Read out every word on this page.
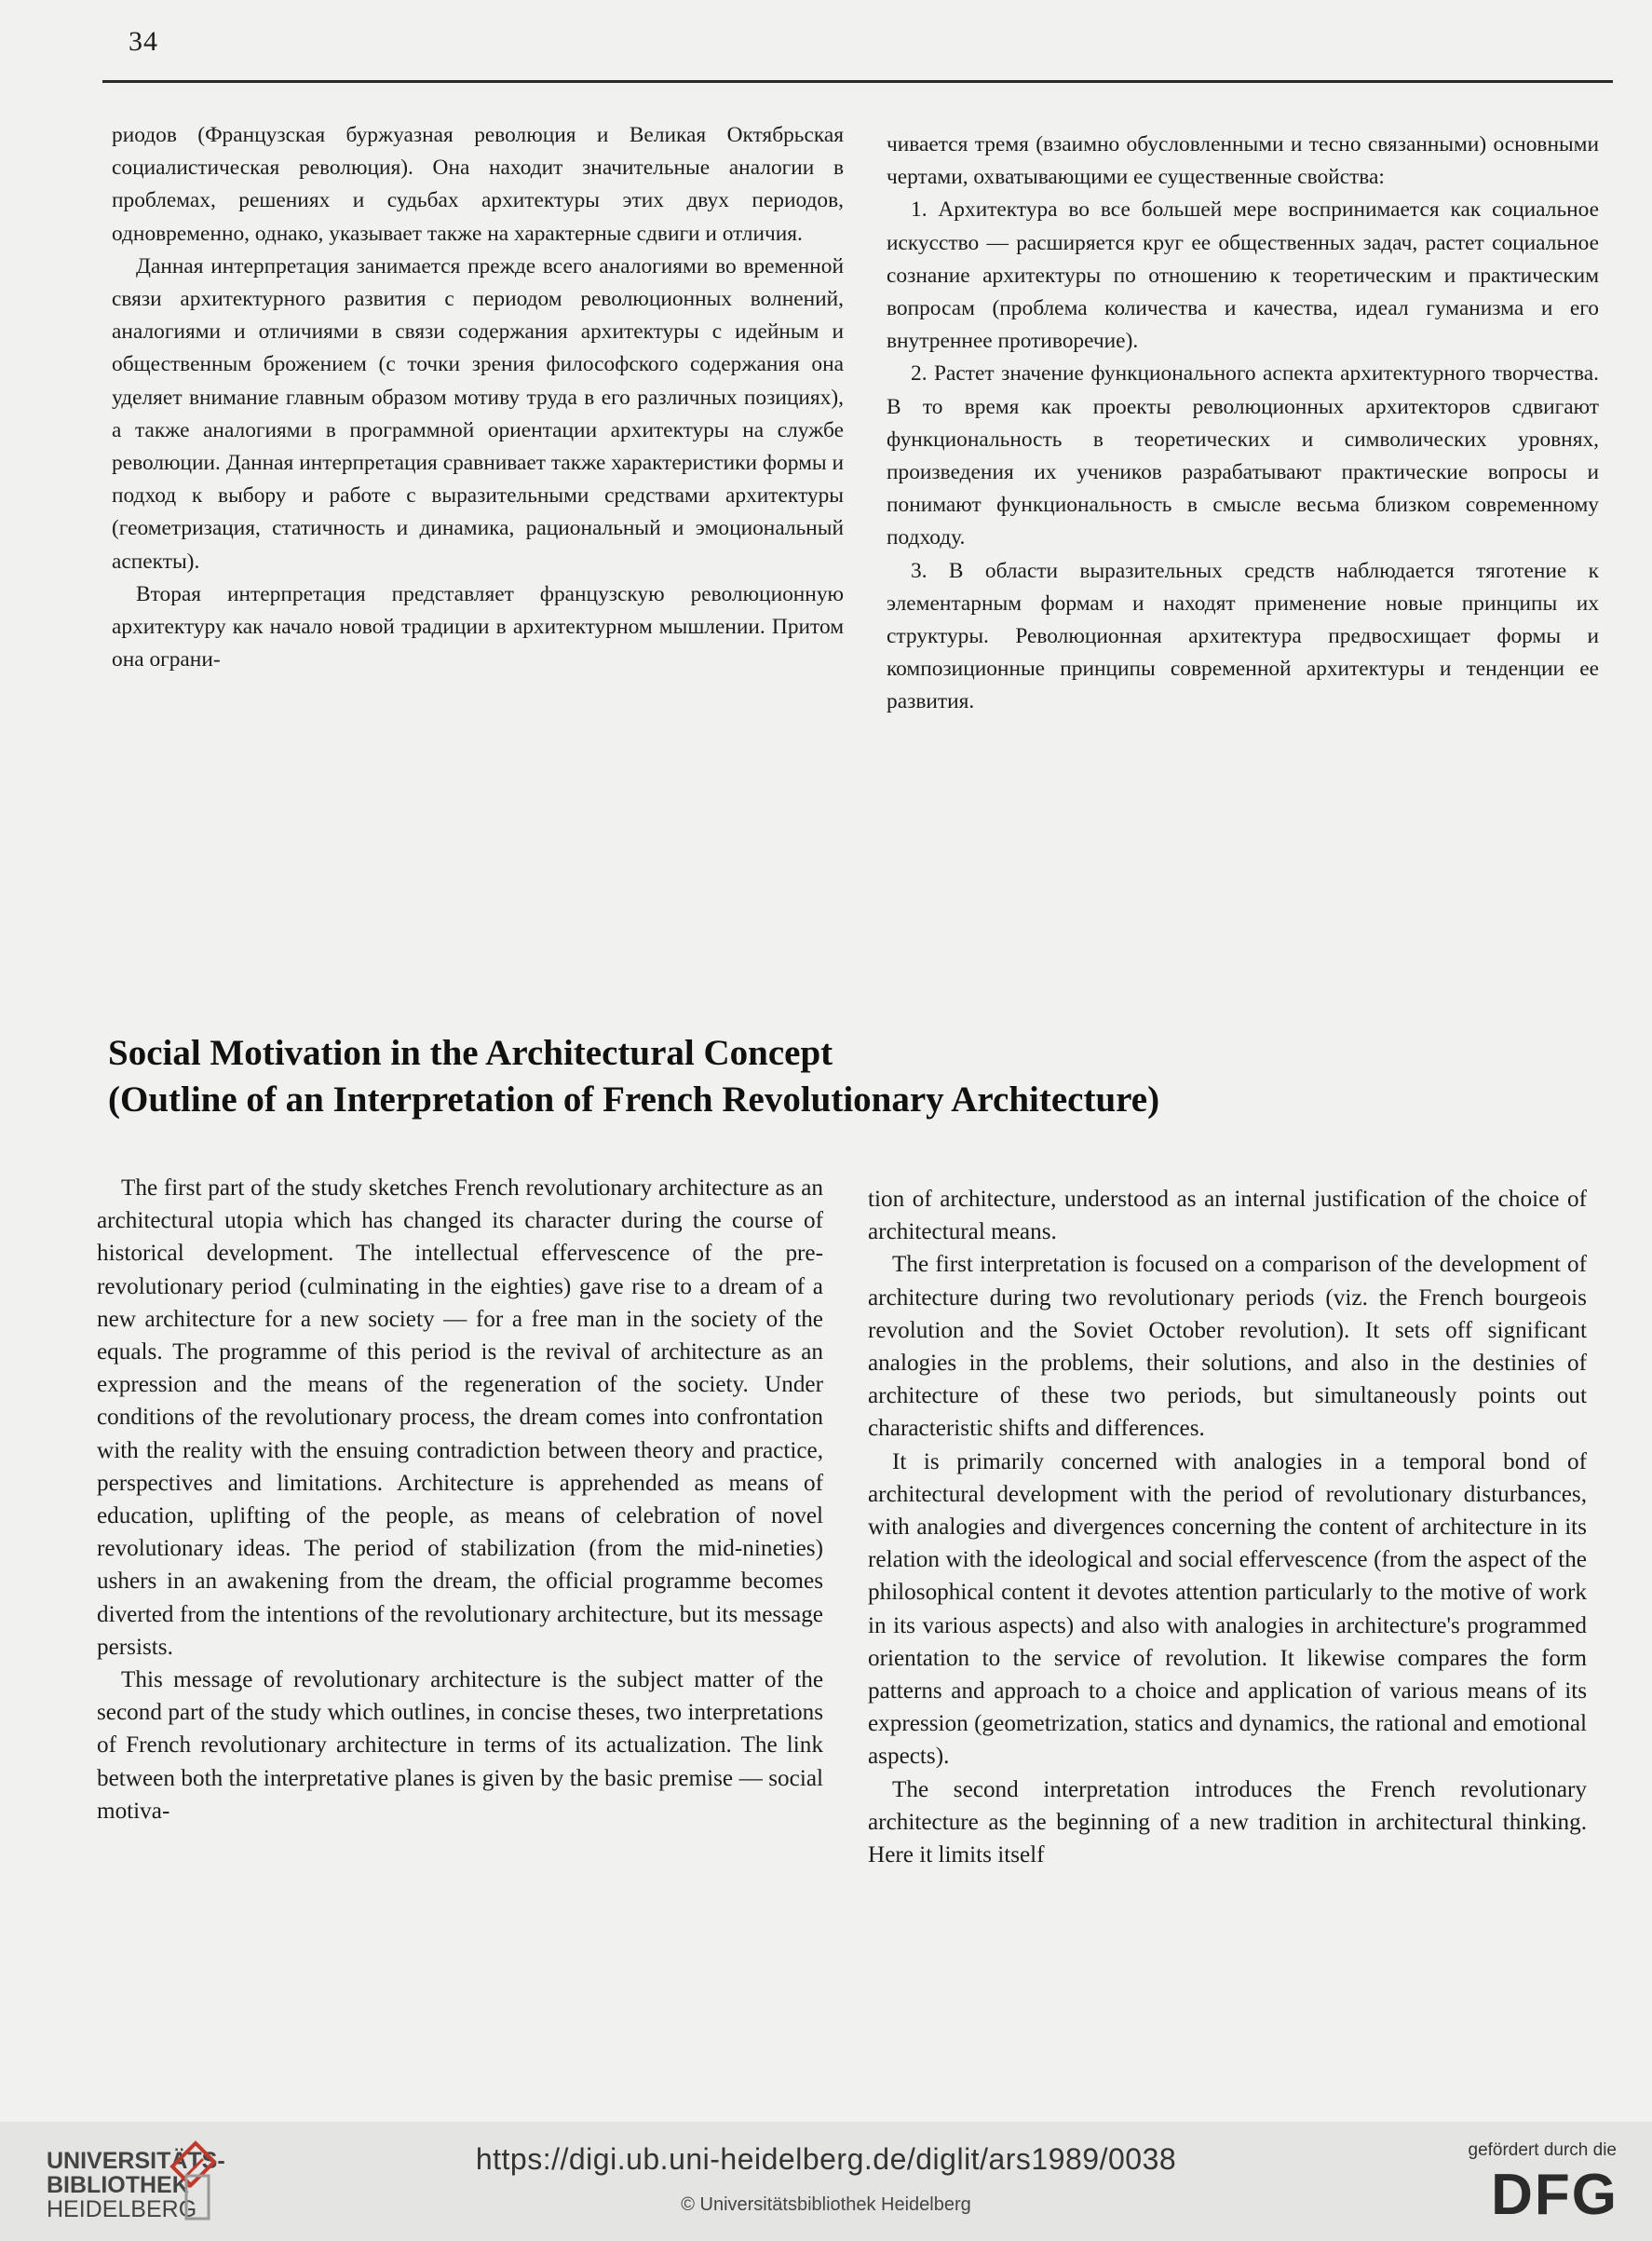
34

риодов (Французская буржуазная революция и Великая Октябрьская социалистическая революция). Она находит значительные аналогии в проблемах, решениях и судьбах архитектуры этих двух периодов, одновременно, однако, указывает также на характерные сдвиги и отличия.

Данная интерпретация занимается прежде всего аналогиями во временной связи архитектурного развития с периодом революционных волнений, аналогиями и отличиями в связи содержания архитектуры с идейным и общественным брожением (с точки зрения философского содержания она уделяет внимание главным образом мотиву труда в его различных позициях), а также аналогиями в программной ориентации архитектуры на службе революции. Данная интерпретация сравнивает также характеристики формы и подход к выбору и работе с выразительными средствами архитектуры (геометризация, статичность и динамика, рациональный и эмоциональный аспекты).

Вторая интерпретация представляет французскую революционную архитектуру как начало новой традиции в архитектурном мышлении. Притом она ограни-

чивается тремя (взаимно обусловленными и тесно связанными) основными чертами, охватывающими ее существенные свойства:

1. Архитектура во все большей мере воспринимается как социальное искусство — расширяется круг ее общественных задач, растет социальное сознание архитектуры по отношению к теоретическим и практическим вопросам (проблема количества и качества, идеал гуманизма и его внутреннее противоречие).

2. Растет значение функционального аспекта архитектурного творчества. В то время как проекты революционных архитекторов сдвигают функциональность в теоретических и символических уровнях, произведения их учеников разрабатывают практические вопросы и понимают функциональность в смысле весьма близком современному подходу.

3. В области выразительных средств наблюдается тяготение к элементарным формам и находят применение новые принципы их структуры. Революционная архитектура предвосхищает формы и композиционные принципы современной архитектуры и тенденции ее развития.

Social Motivation in the Architectural Concept
(Outline of an Interpretation of French Revolutionary Architecture)

The first part of the study sketches French revolutionary architecture as an architectural utopia which has changed its character during the course of historical development. The intellectual effervescence of the pre-revolutionary period (culminating in the eighties) gave rise to a dream of a new architecture for a new society — for a free man in the society of the equals. The programme of this period is the revival of architecture as an expression and the means of the regeneration of the society. Under conditions of the revolutionary process, the dream comes into confrontation with the reality with the ensuing contradiction between theory and practice, perspectives and limitations. Architecture is apprehended as means of education, uplifting of the people, as means of celebration of novel revolutionary ideas. The period of stabilization (from the mid-nineties) ushers in an awakening from the dream, the official programme becomes diverted from the intentions of the revolutionary architecture, but its message persists.

This message of revolutionary architecture is the subject matter of the second part of the study which outlines, in concise theses, two interpretations of French revolutionary architecture in terms of its actualization. The link between both the interpretative planes is given by the basic premise — social motiva-

tion of architecture, understood as an internal justification of the choice of architectural means.

The first interpretation is focused on a comparison of the development of architecture during two revolutionary periods (viz. the French bourgeois revolution and the Soviet October revolution). It sets off significant analogies in the problems, their solutions, and also in the destinies of architecture of these two periods, but simultaneously points out characteristic shifts and differences.

It is primarily concerned with analogies in a temporal bond of architectural development with the period of revolutionary disturbances, with analogies and divergences concerning the content of architecture in its relation with the ideological and social effervescence (from the aspect of the philosophical content it devotes attention particularly to the motive of work in its various aspects) and also with analogies in architecture's programmed orientation to the service of revolution. It likewise compares the form patterns and approach to a choice and application of various means of its expression (geometrization, statics and dynamics, the rational and emotional aspects).

The second interpretation introduces the French revolutionary architecture as the beginning of a new tradition in architectural thinking. Here it limits itself

UNIVERSITÄTS-
BIBLIOTHEK
HEIDELBERG
https://digi.ub.uni-heidelberg.de/diglit/ars1989/0038
© Universitätsbibliothek Heidelberg
gefördert durch die
DFG
